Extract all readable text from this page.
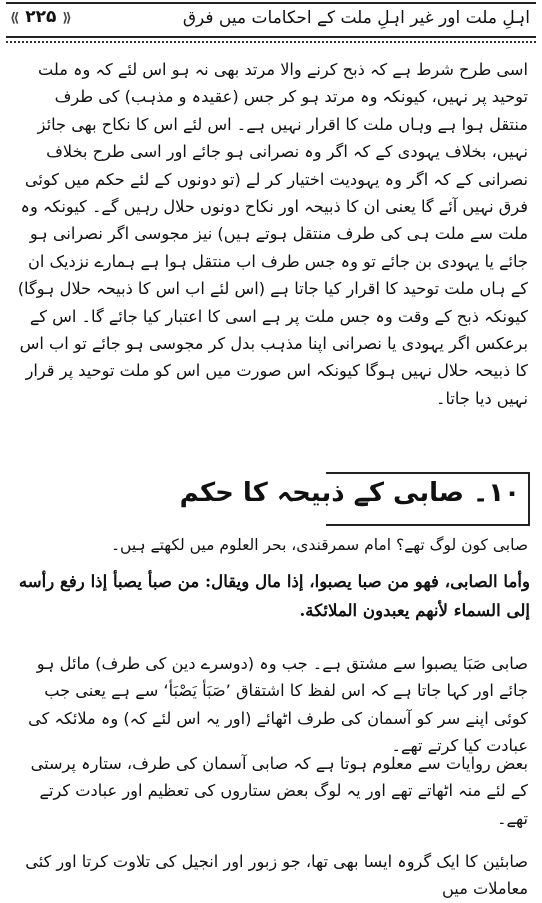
⟪ ۲۲۵ ⟫	اہلِ ملت اور غیر اہلِ ملت کے احکامات میں فرق
اسی طرح شرط ہے کہ ذبح کرنے والا مرتد بھی نہ ہو اس لئے کہ وہ ملت توحید پر نہیں، کیونکہ وہ مرتد ہو کر جس (عقیدہ و مذہب) کی طرف منتقل ہوا ہے وہاں ملت کا اقرار نہیں ہے۔ اس لئے اس کا نکاح بھی جائز نہیں، بخلاف یہودی کے کہ اگر وہ نصرانی ہو جائے اور اسی طرح بخلاف نصرانی کے کہ اگر وہ یہودیت اختیار کر لے (تو دونوں کے لئے حکم میں کوئی فرق نہیں آئے گا یعنی ان کا ذبیحہ اور نکاح دونوں حلال رہیں گے۔ کیونکہ وہ ملت سے ملت ہی کی طرف منتقل ہوتے ہیں) نیز مجوسی اگر نصرانی ہو جائے یا یہودی بن جائے تو وہ جس طرف اب منتقل ہوا ہے ہمارے نزدیک ان کے ہاں ملت توحید کا اقرار کیا جاتا ہے (اس لئے اب اس کا ذبیحہ حلال ہوگا) کیونکہ ذبح کے وقت وہ جس ملت پر ہے اسی کا اعتبار کیا جائے گا۔ اس کے برعکس اگر یہودی یا نصرانی اپنا مذہب بدل کر مجوسی ہو جائے تو اب اس کا ذبیحہ حلال نہیں ہوگا کیونکہ اس صورت میں اس کو ملت توحید پر قرار نہیں دیا جاتا۔
۱۰۔ صابی کے ذبیحہ کا حکم
صابی کون لوگ تھے؟ امام سمرقندی، بحر العلوم میں لکھتے ہیں۔
وأما الصابی، فهو من صبا يصبوا، إذا مال ويقال: من صبأ يصبأ إذا رفع رأسه إلى السماء لأنهم يعبدون الملائكة.
صابی صَبَا یصبوا سے مشتق ہے۔ جب وہ (دوسرے دین کی طرف) مائل ہو جائے اور کہا جاتا ہے کہ اس لفظ کا اشتقاق ’صَبَأ یَصْبَأ‘ سے ہے یعنی جب کوئی اپنے سر کو آسمان کی طرف اٹھائے (اور یہ اس لئے کہ) وہ ملائکہ کی عبادت کیا کرتے تھے۔
بعض روایات سے معلوم ہوتا ہے کہ صابی آسمان کی طرف، ستارہ پرستی کے لئے منہ اٹھاتے تھے اور یہ لوگ بعض ستاروں کی تعظیم اور عبادت کرتے تھے۔
صابئین کا ایک گروہ ایسا بھی تھا، جو زبور اور انجیل کی تلاوت کرتا اور کئی معاملات میں
